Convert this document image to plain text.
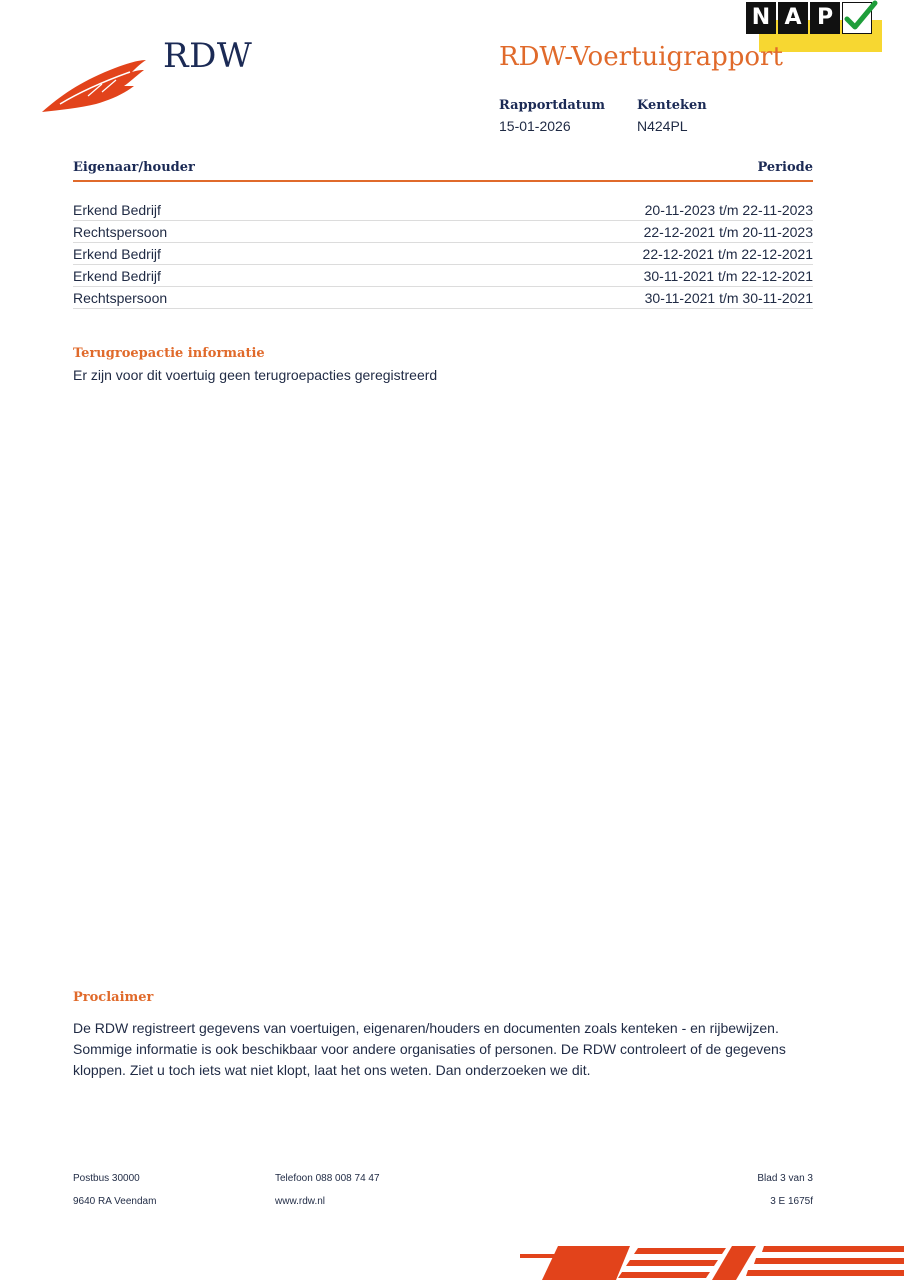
N A P
RDW	RDW-Voertuigrapport
Rapportdatum
15-01-2026
Kenteken
N424PL
Eigenaar/houder	Periode
Erkend Bedrijf	20-11-2023 t/m 22-11-2023
Rechtspersoon	22-12-2021 t/m 20-11-2023
Erkend Bedrijf	22-12-2021 t/m 22-12-2021
Erkend Bedrijf	30-11-2021 t/m 22-12-2021
Rechtspersoon	30-11-2021 t/m 30-11-2021
Terugroepactie informatie
Er zijn voor dit voertuig geen terugroepacties geregistreerd
Proclaimer
De RDW registreert gegevens van voertuigen, eigenaren/houders en documenten zoals kenteken - en rijbewijzen.
Sommige informatie is ook beschikbaar voor andere organisaties of personen. De RDW controleert of de gegevens
kloppen. Ziet u toch iets wat niet klopt, laat het ons weten. Dan onderzoeken we dit.
Postbus 30000
9640 RA Veendam
Telefoon 088 008 74 47
www.rdw.nl
Blad 3 van 3
3 E 1675f
